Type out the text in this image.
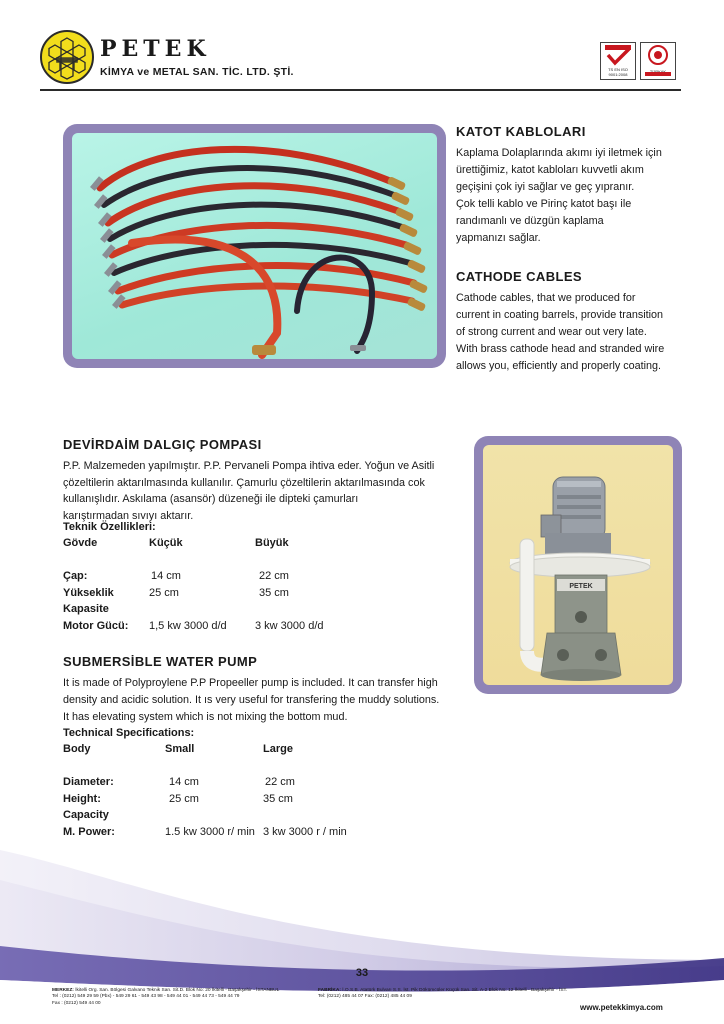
PETEK
KİMYA ve METAL SAN. TİC. LTD. ŞTİ.	TS EN ISO
9001:2008
KATOT KABLOLARI
Kaplama Dolaplarında akımı iyi iletmek için
ürettiğimiz, katot kabloları kuvvetli akım
geçişini çok iyi sağlar ve geç yıpranır.
Çok telli kablo ve Pirinç katot başı ile
randımanlı ve düzgün kaplama
yapmanızı sağlar.
CATHODE CABLES
Cathode cables, that we produced for
current in coating barrels, provide transition
of strong current and wear out very late.
With brass cathode head and stranded wire
allows you, efficiently and properly coating.
PETEK
DEVİRDAİM DALGIÇ POMPASI
P.P. Malzemeden yapılmıştır. P.P. Pervaneli Pompa ihtiva eder. Yoğun ve Asitli
çözeltilerin aktarılmasında kullanılır. Çamurlu çözeltilerin aktarılmasında cok
kullanışlıdır. Askılama (asansör) düzeneği ile dipteki çamurları
karıştırmadan sıvıyı aktarır.
Teknik Özellikleri:
Gövde	Küçük	Büyük

Çap:	14 cm	22 cm
Yükseklik	25 cm	35 cm
Kapasite		
Motor Gücü:	1,5 kw 3000 d/d	3 kw 3000 d/d
SUBMERSİBLE WATER PUMP
It is made of Polyproylene P.P Propeeller pump is included. It can transfer high
density and acidic solution. It ıs very useful for transfering the muddy solutions.
It has elevating system which is not mixing the bottom mud.
Technical Specifications:
Body	Small	Large

Diameter:	14 cm	22 cm
Height:	25 cm	35 cm
Capacity		
M. Power:	1.5 kw 3000 r/ min	3 kw 3000 r / min
33
MERKEZ: İkitelli Org. San. Bölgesi Galvano Teknik San. Sit.D. Blok No: 20 İkitelli - Başakşehir - İSTANBUL
Tel : (0212) 549 29 59 (Pbx) - 549 29 61 - 549 43 98 - 549 44 01 - 549 44 73 - 549 44 79
Fax : (0212) 549 44 00
FABRİKA: İ.O.S.B. Atatürk Bulvarı S.S. İst. Pik Dökümcüler Küçük San. Sit. A-2 Blok No: 12 İkitelli - Başakşehir - İST.
Tel: (0212) 485 44 07 Fax: (0212) 485 44 09
www.petekkimya.com
